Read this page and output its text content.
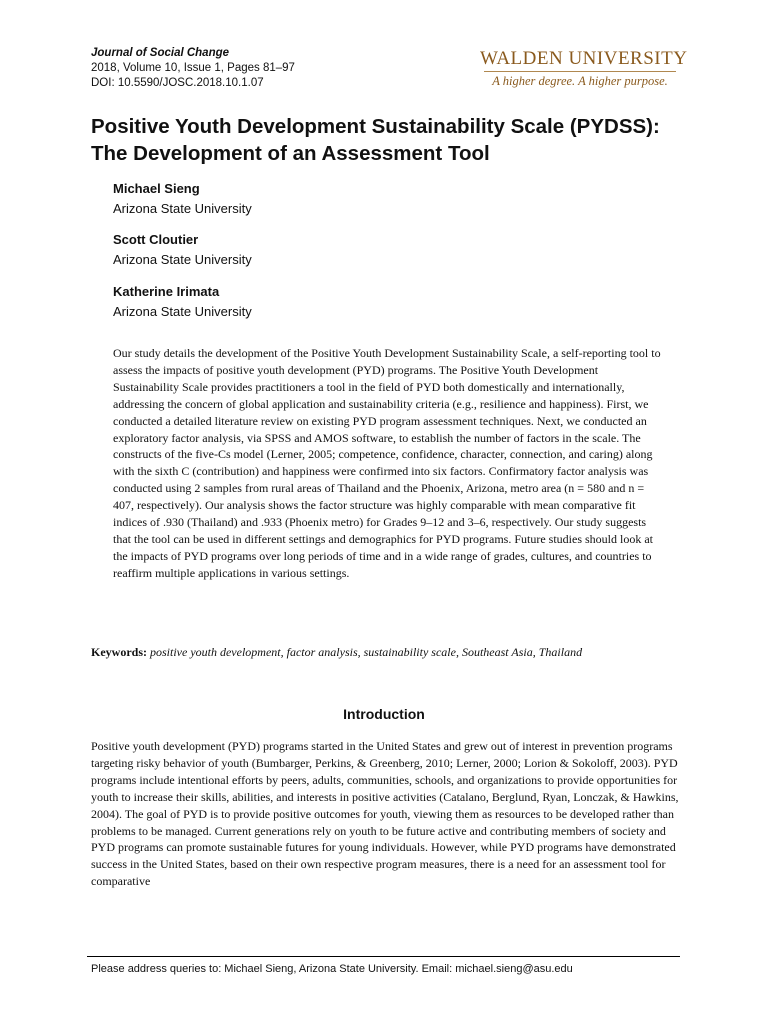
Journal of Social Change
2018, Volume 10, Issue 1, Pages 81–97
DOI: 10.5590/JOSC.2018.10.1.07
WALDEN UNIVERSITY
A higher degree. A higher purpose.
Positive Youth Development Sustainability Scale (PYDSS): The Development of an Assessment Tool
Michael Sieng
Arizona State University
Scott Cloutier
Arizona State University
Katherine Irimata
Arizona State University
Our study details the development of the Positive Youth Development Sustainability Scale, a self-reporting tool to assess the impacts of positive youth development (PYD) programs. The Positive Youth Development Sustainability Scale provides practitioners a tool in the field of PYD both domestically and internationally, addressing the concern of global application and sustainability criteria (e.g., resilience and happiness). First, we conducted a detailed literature review on existing PYD program assessment techniques. Next, we conducted an exploratory factor analysis, via SPSS and AMOS software, to establish the number of factors in the scale. The constructs of the five-Cs model (Lerner, 2005; competence, confidence, character, connection, and caring) along with the sixth C (contribution) and happiness were confirmed into six factors. Confirmatory factor analysis was conducted using 2 samples from rural areas of Thailand and the Phoenix, Arizona, metro area (n = 580 and n = 407, respectively). Our analysis shows the factor structure was highly comparable with mean comparative fit indices of .930 (Thailand) and .933 (Phoenix metro) for Grades 9–12 and 3–6, respectively. Our study suggests that the tool can be used in different settings and demographics for PYD programs. Future studies should look at the impacts of PYD programs over long periods of time and in a wide range of grades, cultures, and countries to reaffirm multiple applications in various settings.
Keywords: positive youth development, factor analysis, sustainability scale, Southeast Asia, Thailand
Introduction
Positive youth development (PYD) programs started in the United States and grew out of interest in prevention programs targeting risky behavior of youth (Bumbarger, Perkins, & Greenberg, 2010; Lerner, 2000; Lorion & Sokoloff, 2003). PYD programs include intentional efforts by peers, adults, communities, schools, and organizations to provide opportunities for youth to increase their skills, abilities, and interests in positive activities (Catalano, Berglund, Ryan, Lonczak, & Hawkins, 2004). The goal of PYD is to provide positive outcomes for youth, viewing them as resources to be developed rather than problems to be managed. Current generations rely on youth to be future active and contributing members of society and PYD programs can promote sustainable futures for young individuals. However, while PYD programs have demonstrated success in the United States, based on their own respective program measures, there is a need for an assessment tool for comparative
Please address queries to: Michael Sieng, Arizona State University. Email: michael.sieng@asu.edu
